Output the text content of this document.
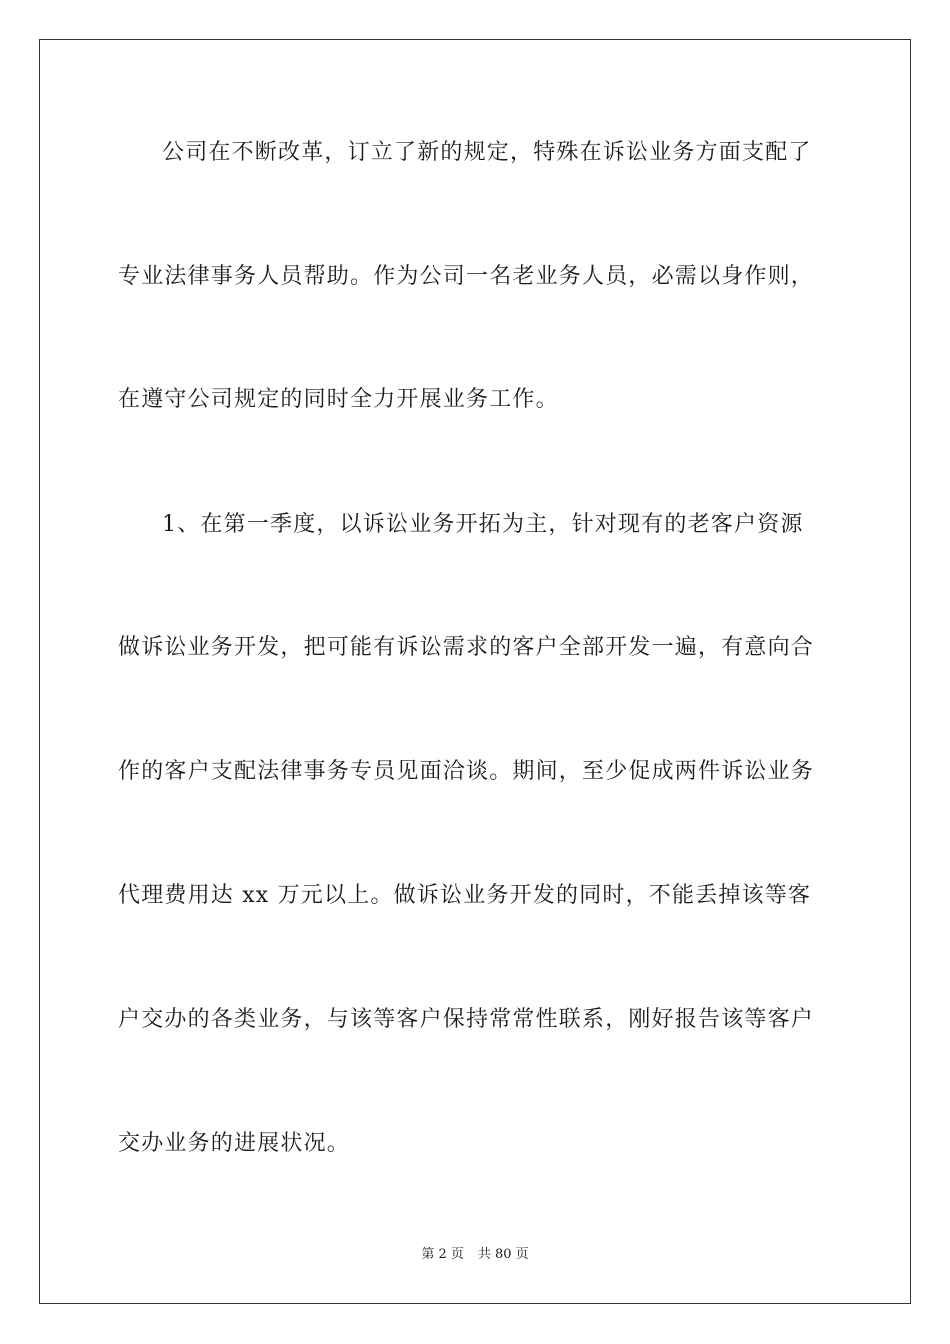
公司在不断改革，订立了新的规定，特殊在诉讼业务方面支配了
专业法律事务人员帮助。作为公司一名老业务人员，必需以身作则，
在遵守公司规定的同时全力开展业务工作。
1、在第一季度，以诉讼业务开拓为主，针对现有的老客户资源
做诉讼业务开发，把可能有诉讼需求的客户全部开发一遍，有意向合
作的客户支配法律事务专员见面洽谈。期间，至少促成两件诉讼业务
代理费用达 xx 万元以上。做诉讼业务开发的同时，不能丢掉该等客
户交办的各类业务，与该等客户保持常常性联系，刚好报告该等客户
交办业务的进展状况。
第 2 页 共 80 页
